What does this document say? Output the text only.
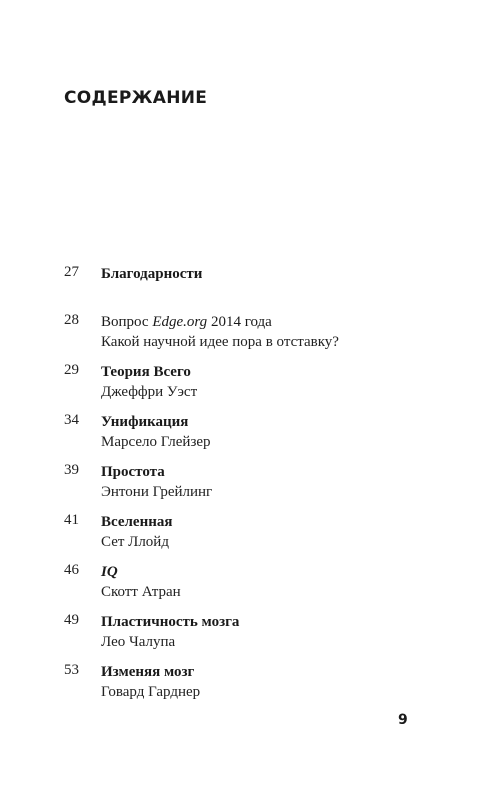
СОДЕРЖАНИЕ
27 Благодарности
28 Вопрос Edge.org 2014 года
Какой научной идее пора в отставку?
29 Теория Всего
Джеффри Уэст
34 Унификация
Марсело Глейзер
39 Простота
Энтони Грейлинг
41 Вселенная
Сет Ллойд
46 IQ
Скотт Атран
49 Пластичность мозга
Лео Чалупа
53 Изменяя мозг
Говард Гарднер
9
